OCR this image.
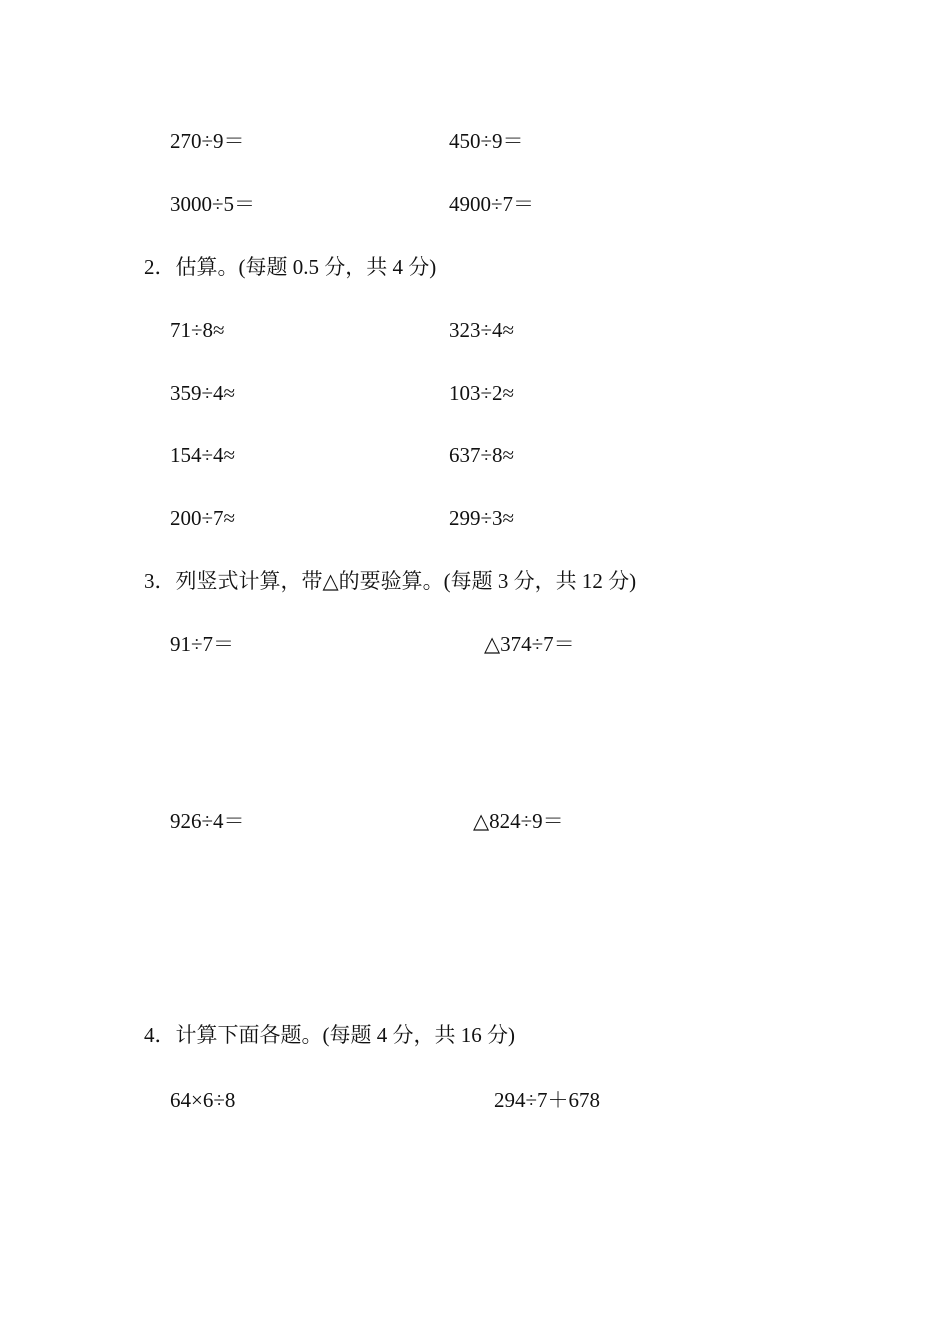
270÷9＝	450÷9＝
3000÷5＝	4900÷7＝
2．估算。(每题 0.5 分，共 4 分)
71÷8≈	323÷4≈
359÷4≈	103÷2≈
154÷4≈	637÷8≈
200÷7≈	299÷3≈
3．列竖式计算，带△的要验算。(每题 3 分，共 12 分)
91÷7＝	△374÷7＝
926÷4＝	△824÷9＝
4．计算下面各题。(每题 4 分，共 16 分)
64×6÷8	294÷7＋678
